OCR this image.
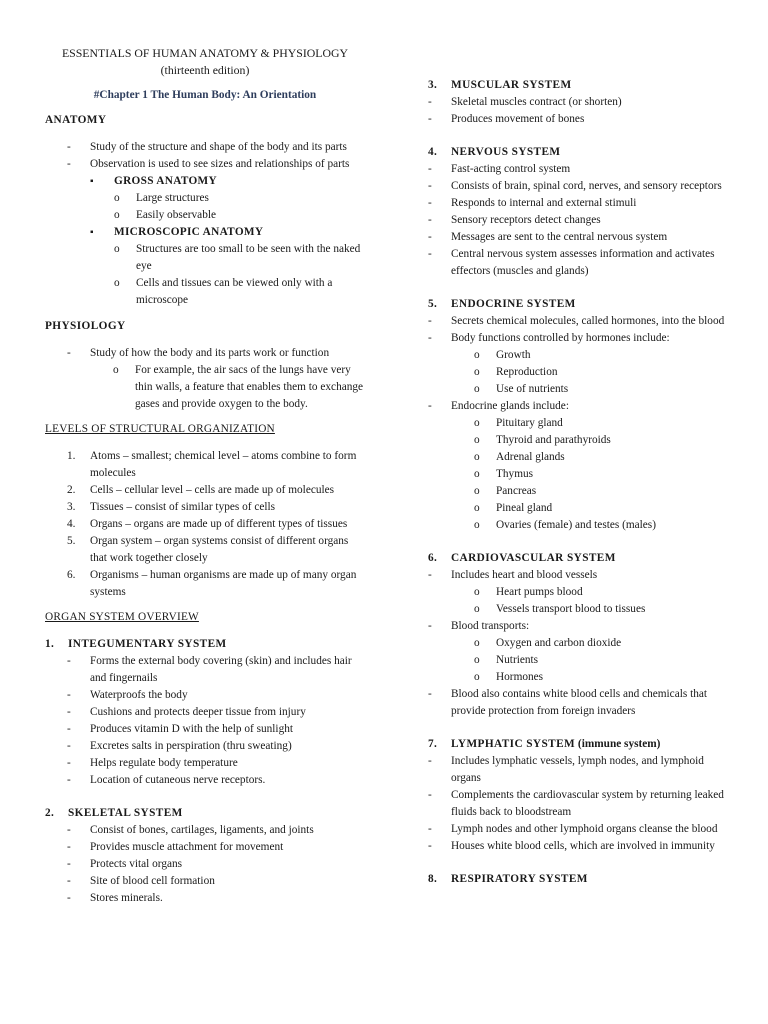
ESSENTIALS OF HUMAN ANATOMY & PHYSIOLOGY
(thirteenth edition)
#Chapter 1 The Human Body: An Orientation
ANATOMY
- Study of the structure and shape of the body and its parts
- Observation is used to see sizes and relationships of parts
▪ GROSS ANATOMY
o Large structures
o Easily observable
▪ MICROSCOPIC ANATOMY
o Structures are too small to be seen with the naked eye
o Cells and tissues can be viewed only with a microscope
PHYSIOLOGY
- Study of how the body and its parts work or function
o For example, the air sacs of the lungs have very thin walls, a feature that enables them to exchange gases and provide oxygen to the body.
LEVELS OF STRUCTURAL ORGANIZATION
1. Atoms – smallest; chemical level – atoms combine to form molecules
2. Cells – cellular level – cells are made up of molecules
3. Tissues – consist of similar types of cells
4. Organs – organs are made up of different types of tissues
5. Organ system – organ systems consist of different organs that work together closely
6. Organisms – human organisms are made up of many organ systems
ORGAN SYSTEM OVERVIEW
1. INTEGUMENTARY SYSTEM
- Forms the external body covering (skin) and includes hair and fingernails
- Waterproofs the body
- Cushions and protects deeper tissue from injury
- Produces vitamin D with the help of sunlight
- Excretes salts in perspiration (thru sweating)
- Helps regulate body temperature
- Location of cutaneous nerve receptors.
2. SKELETAL SYSTEM
- Consist of bones, cartilages, ligaments, and joints
- Provides muscle attachment for movement
- Protects vital organs
- Site of blood cell formation
- Stores minerals.
3. MUSCULAR SYSTEM
- Skeletal muscles contract (or shorten)
- Produces movement of bones
4. NERVOUS SYSTEM
- Fast-acting control system
- Consists of brain, spinal cord, nerves, and sensory receptors
- Responds to internal and external stimuli
- Sensory receptors detect changes
- Messages are sent to the central nervous system
- Central nervous system assesses information and activates effectors (muscles and glands)
5. ENDOCRINE SYSTEM
- Secrets chemical molecules, called hormones, into the blood
- Body functions controlled by hormones include:
o Growth
o Reproduction
o Use of nutrients
- Endocrine glands include:
o Pituitary gland
o Thyroid and parathyroids
o Adrenal glands
o Thymus
o Pancreas
o Pineal gland
o Ovaries (female) and testes (males)
6. CARDIOVASCULAR SYSTEM
- Includes heart and blood vessels
o Heart pumps blood
o Vessels transport blood to tissues
- Blood transports:
o Oxygen and carbon dioxide
o Nutrients
o Hormones
- Blood also contains white blood cells and chemicals that provide protection from foreign invaders
7. LYMPHATIC SYSTEM (immune system)
- Includes lymphatic vessels, lymph nodes, and lymphoid organs
- Complements the cardiovascular system by returning leaked fluids back to bloodstream
- Lymph nodes and other lymphoid organs cleanse the blood
- Houses white blood cells, which are involved in immunity
8. RESPIRATORY SYSTEM
